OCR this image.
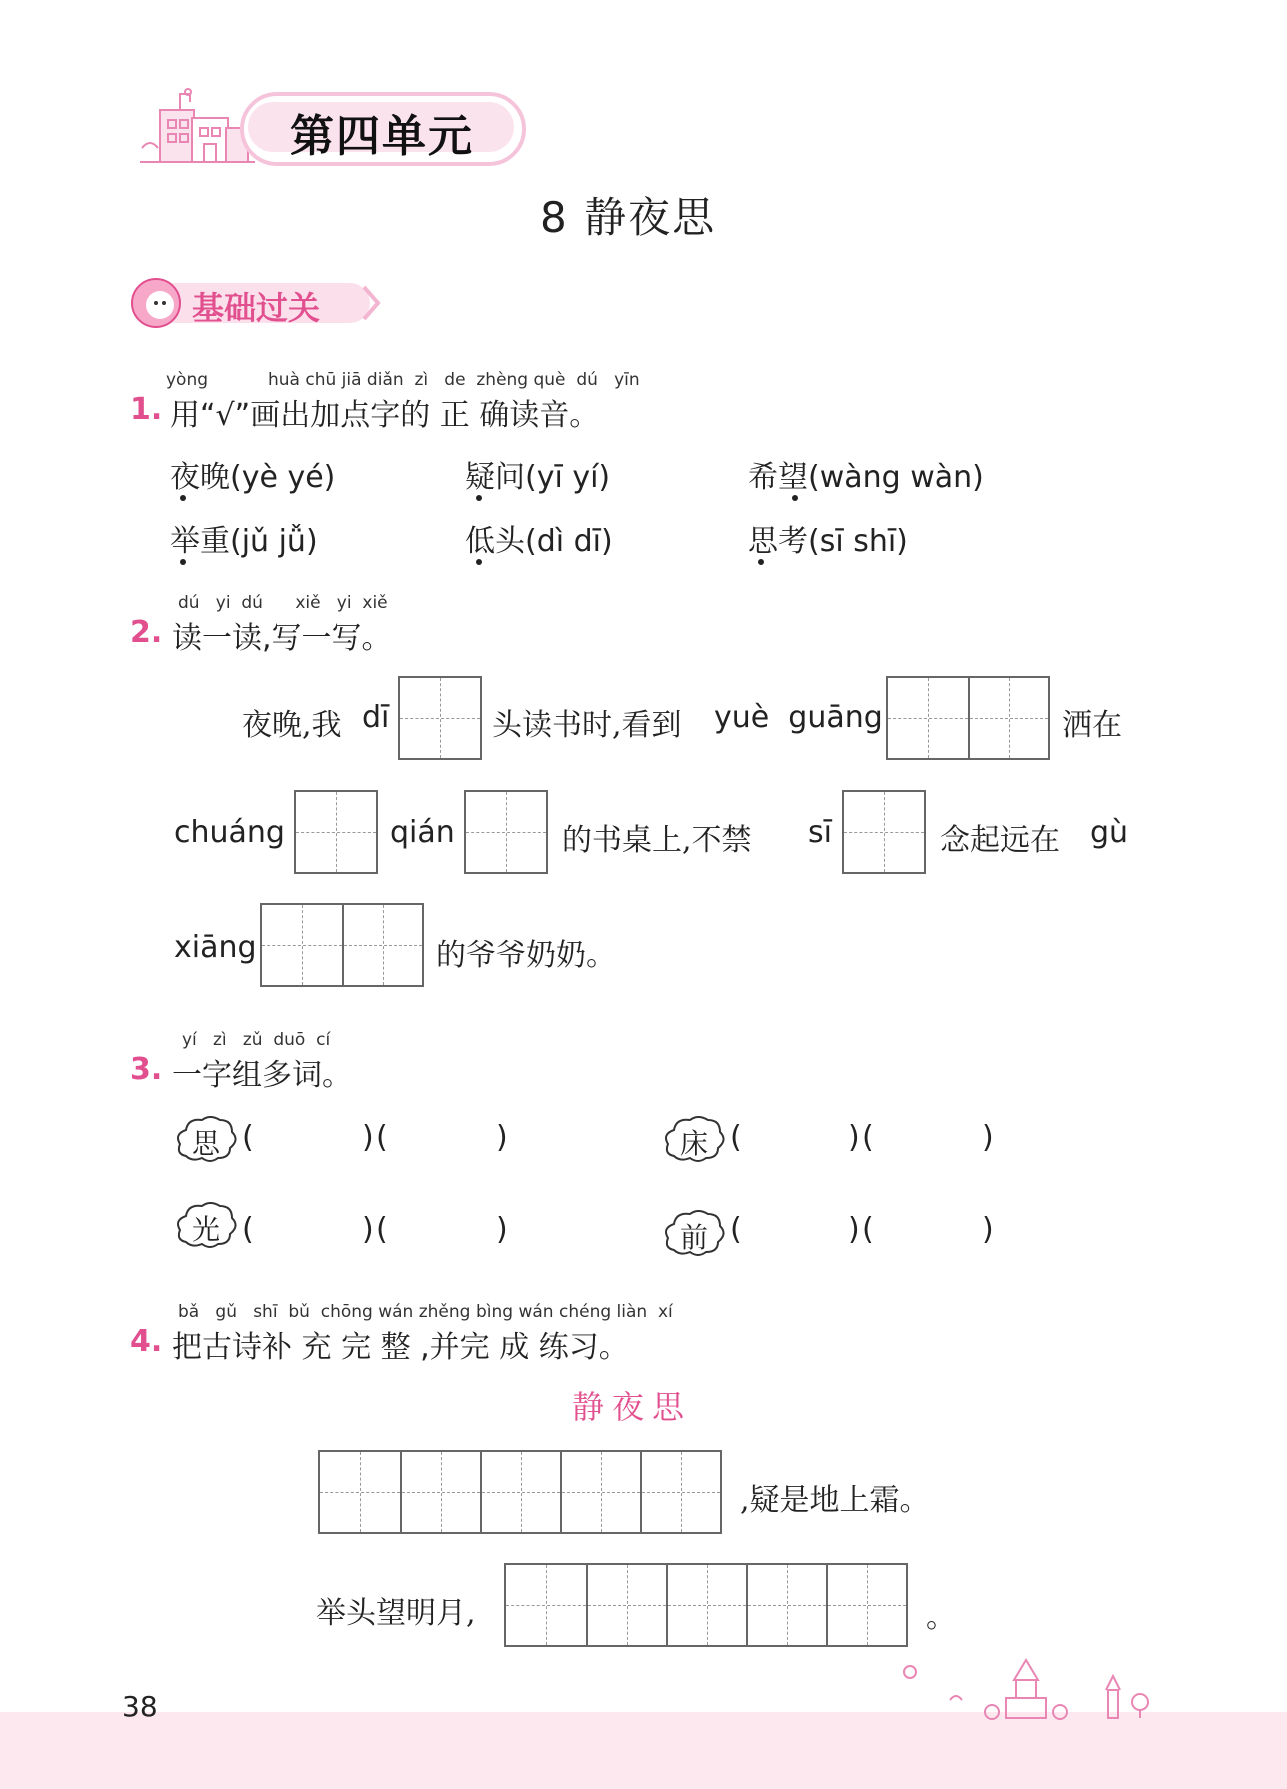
第四单元
8 静夜思
基础过关
yòng	huà chū jiā diǎn  zì   de  zhèng què  dú   yīn
1. 用“√”画出加点字的 正 确读音。
夜晚(yè yé)	疑问(yī yí)	希望(wàng wàn)
举重(jǔ jǚ)	低头(dì dī)	思考(sī shī)
dú   yi  dú      xiě   yi  xiě
2. 读一读,写一写。
夜晚,我 dī	头读书时,看到 yuè  guāng	洒在
chuáng	qián	的书桌上,不禁 sī	念起远在 gù
xiāng	的爷爷奶奶。
yí   zì   zǔ  duō  cí
3. 一字组多词。
思 (	) (	)	床 (	) (	)
光 (	) (	)	前 (	) (	)
bǎ   gǔ   shī  bǔ  chōng wán zhěng bìng wán chéng liàn  xí
4. 把古诗补 充 完 整 ,并完 成 练习。
静夜思
,疑是地上霜。
举头望明月,	。
38
